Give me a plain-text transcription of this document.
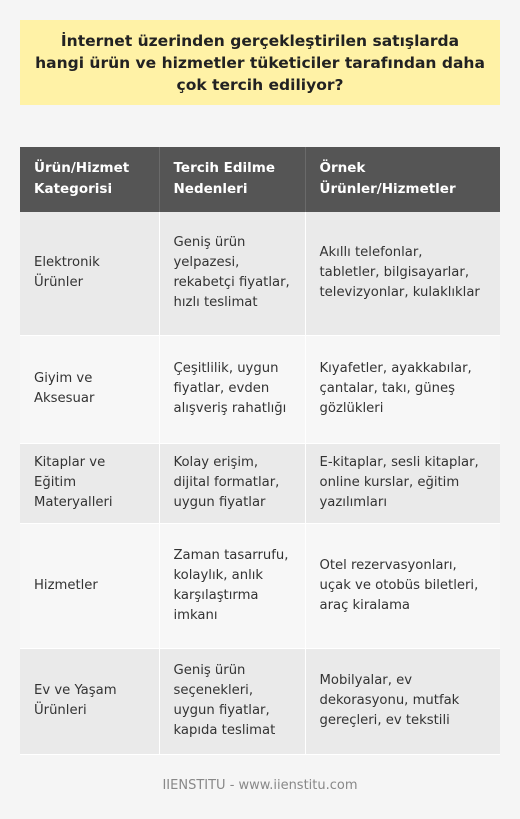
İnternet üzerinden gerçekleştirilen satışlarda hangi ürün ve hizmetler tüketiciler tarafından daha çok tercih ediliyor?
Ürün/Hizmet Kategorisi	Tercih Edilme Nedenleri	Örnek Ürünler/Hizmetler
Elektronik Ürünler	Geniş ürün yelpazesi, rekabetçi fiyatlar, hızlı teslimat	Akıllı telefonlar, tabletler, bilgisayarlar, televizyonlar, kulaklıklar
Giyim ve Aksesuar	Çeşitlilik, uygun fiyatlar, evden alışveriş rahatlığı	Kıyafetler, ayakkabılar, çantalar, takı, güneş gözlükleri
Kitaplar ve Eğitim Materyalleri	Kolay erişim, dijital formatlar, uygun fiyatlar	E-kitaplar, sesli kitaplar, online kurslar, eğitim yazılımları
Hizmetler	Zaman tasarrufu, kolaylık, anlık karşılaştırma imkanı	Otel rezervasyonları, uçak ve otobüs biletleri, araç kiralama
Ev ve Yaşam Ürünleri	Geniş ürün seçenekleri, uygun fiyatlar, kapıda teslimat	Mobilyalar, ev dekorasyonu, mutfak gereçleri, ev tekstili
IIENSTITU - www.iienstitu.com
